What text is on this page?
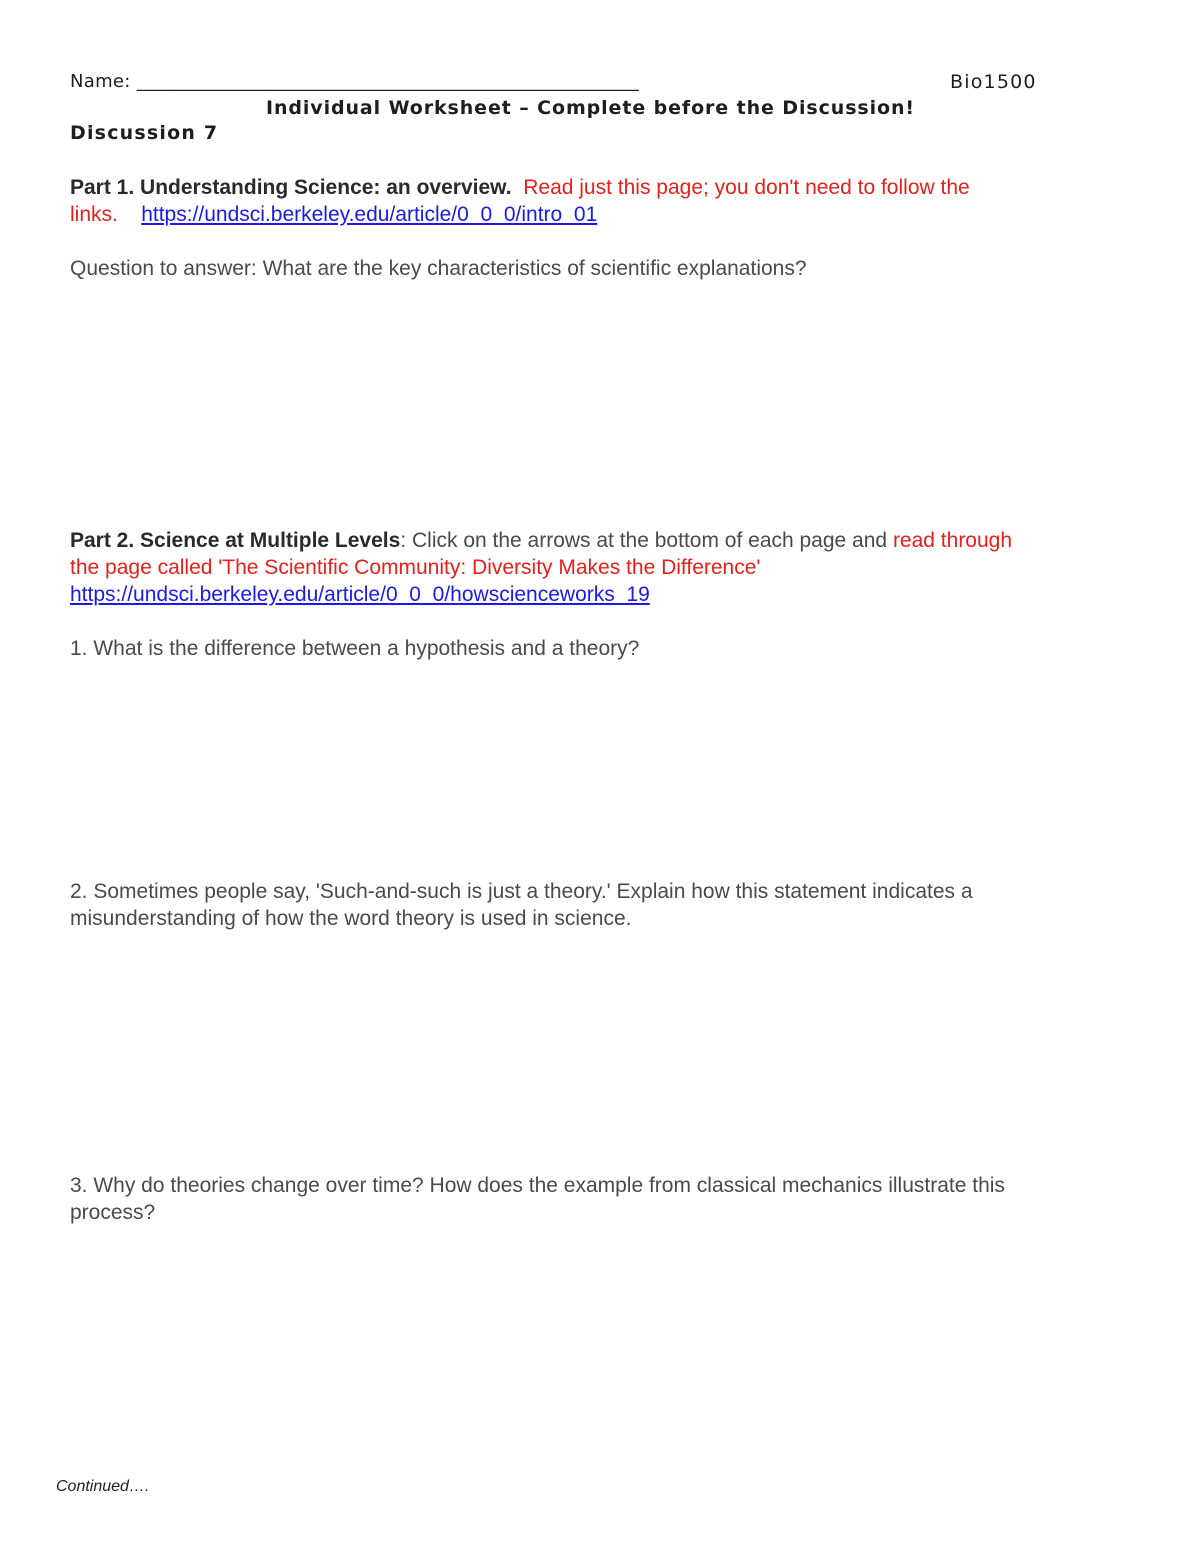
Name: ______________________________________________________	Bio1500
Individual Worksheet – Complete before the Discussion!
Discussion 7
Part 1. Understanding Science: an overview. Read just this page; you don't need to follow the
links. https://undsci.berkeley.edu/article/0_0_0/intro_01
Question to answer: What are the key characteristics of scientific explanations?
Part 2. Science at Multiple Levels: Click on the arrows at the bottom of each page and read through
the page called 'The Scientific Community: Diversity Makes the Difference'
https://undsci.berkeley.edu/article/0_0_0/howscienceworks_19
1. What is the difference between a hypothesis and a theory?
2. Sometimes people say, 'Such-and-such is just a theory.' Explain how this statement indicates a
misunderstanding of how the word theory is used in science.
3. Why do theories change over time? How does the example from classical mechanics illustrate this
process?
Continued….
